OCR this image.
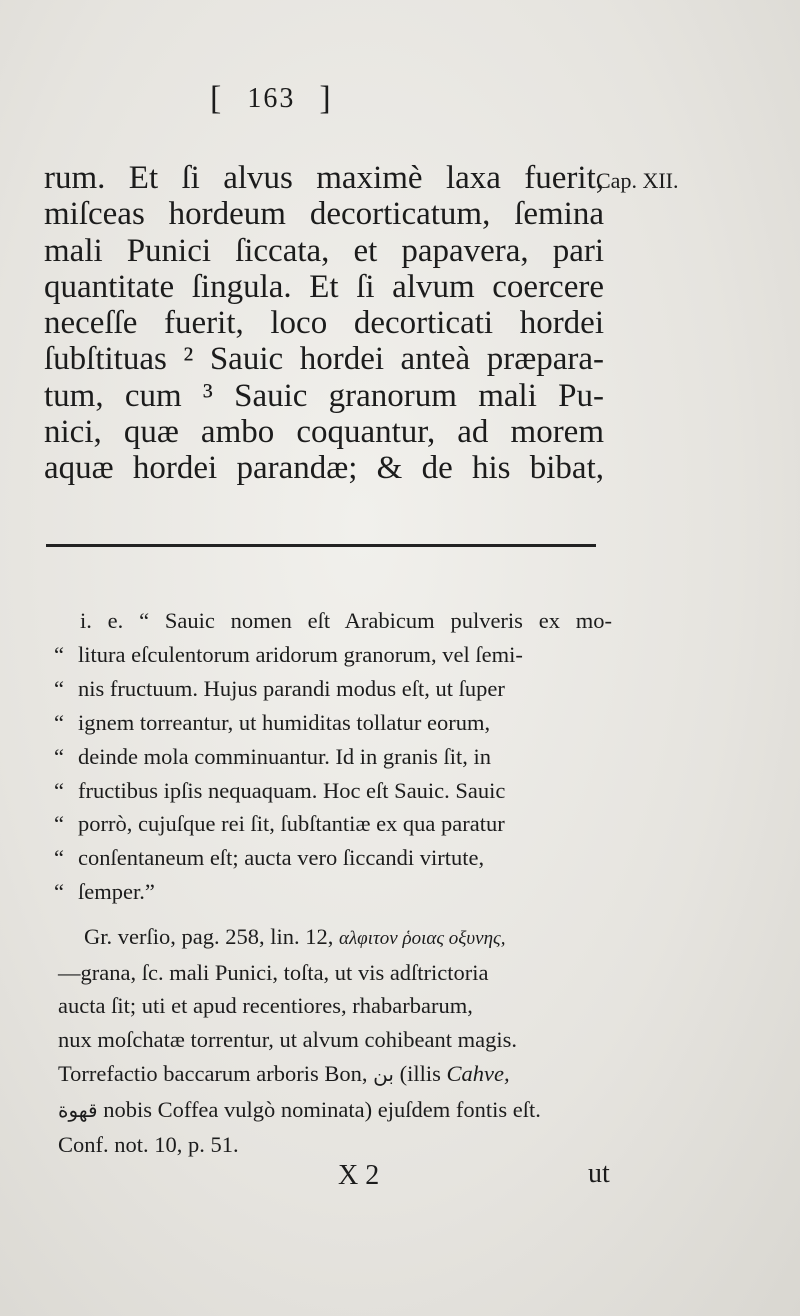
[ 163 ]
Cap. XII.
rum. Et ſi alvus maximè laxa fuerit,
miſceas hordeum decorticatum, ſemina
mali Punici ſiccata, et papavera, pari
quantitate ſingula. Et ſi alvum coercere
neceſſe fuerit, loco decorticati hordei
ſubſtituas ² Sauic hordei anteà præpara-
tum, cum ³ Sauic granorum mali Pu-
nici, quæ ambo coquantur, ad morem
aquæ hordei parandæ; & de his bibat,
i. e. “ Sauic nomen eſt Arabicum pulveris ex mo-
“ litura eſculentorum aridorum granorum, vel ſemi-
“ nis fructuum. Hujus parandi modus eſt, ut ſuper
“ ignem torreantur, ut humiditas tollatur eorum,
“ deinde mola comminuantur. Id in granis ſit, in
“ fructibus ipſis nequaquam. Hoc eſt Sauic. Sauic
“ porrò, cujuſque rei ſit, ſubſtantiæ ex qua paratur
“ conſentaneum eſt; aucta vero ſiccandi virtute,
“ ſemper.”
Gr. verſio, pag. 258, lin. 12, αλφιτον ῥοιας οξυνης,
—grana, ſc. mali Punici, toſta, ut vis adſtrictoria
aucta ſit; uti et apud recentiores, rhabarbarum,
nux moſchatæ torrentur, ut alvum cohibeant magis.
Torrefactio baccarum arboris Bon, بن (illis Cahve,
قهوة nobis Coffea vulgò nominata) ejuſdem fontis eſt.
Conf. not. 10, p. 51.
X 2	ut
